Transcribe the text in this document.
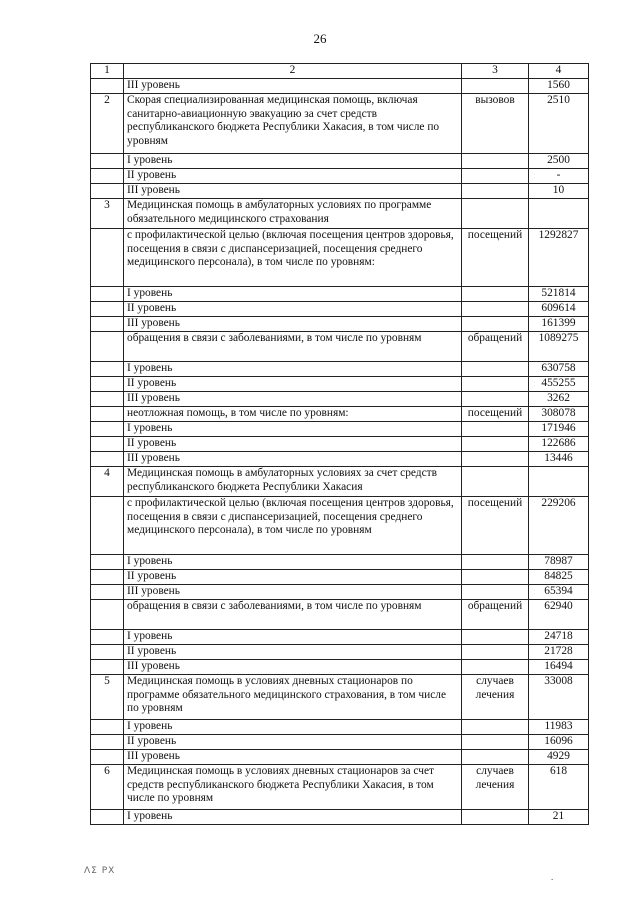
26
1	2	3	4
	III уровень		1560
2	Скорая специализированная медицинская помощь, включая санитарно-авиационную эвакуацию за счет средств республиканского бюджета Республики Хакасия, в том числе по уровням	вызовов	2510
	I уровень		2500
	II уровень		-
	III уровень		10
3	Медицинская помощь в амбулаторных условиях по программе обязательного медицинского страхования		
	с профилактической целью (включая посещения центров здоровья, посещения в связи с диспансеризацией, посещения среднего медицинского персонала), в том числе по уровням:	посещений	1292827
	I уровень		521814
	II уровень		609614
	III уровень		161399
	обращения в связи с заболеваниями, в том числе по уровням	обращений	1089275
	I уровень		630758
	II уровень		455255
	III уровень		3262
	неотложная помощь, в том числе по уровням:	посещений	308078
	I уровень		171946
	II уровень		122686
	III уровень		13446
4	Медицинская помощь в амбулаторных условиях за счет средств республиканского бюджета Республики Хакасия		
	с профилактической целью (включая посещения центров здоровья, посещения в связи с диспансеризацией, посещения среднего медицинского персонала), в том числе по уровням	посещений	229206
	I уровень		78987
	II уровень		84825
	III уровень		65394
	обращения в связи с заболеваниями, в том числе по уровням	обращений	62940
	I уровень		24718
	II уровень		21728
	III уровень		16494
5	Медицинская помощь в условиях дневных стационаров по программе обязательного медицинского страхования, в том числе по уровням	случаев лечения	33008
	I уровень		11983
	II уровень		16096
	III уровень		4929
6	Медицинская помощь в условиях дневных стационаров за счет средств республиканского бюджета Республики Хакасия, в том числе по уровням	случаев лечения	618
	I уровень		21
ΛΣ PX
.
